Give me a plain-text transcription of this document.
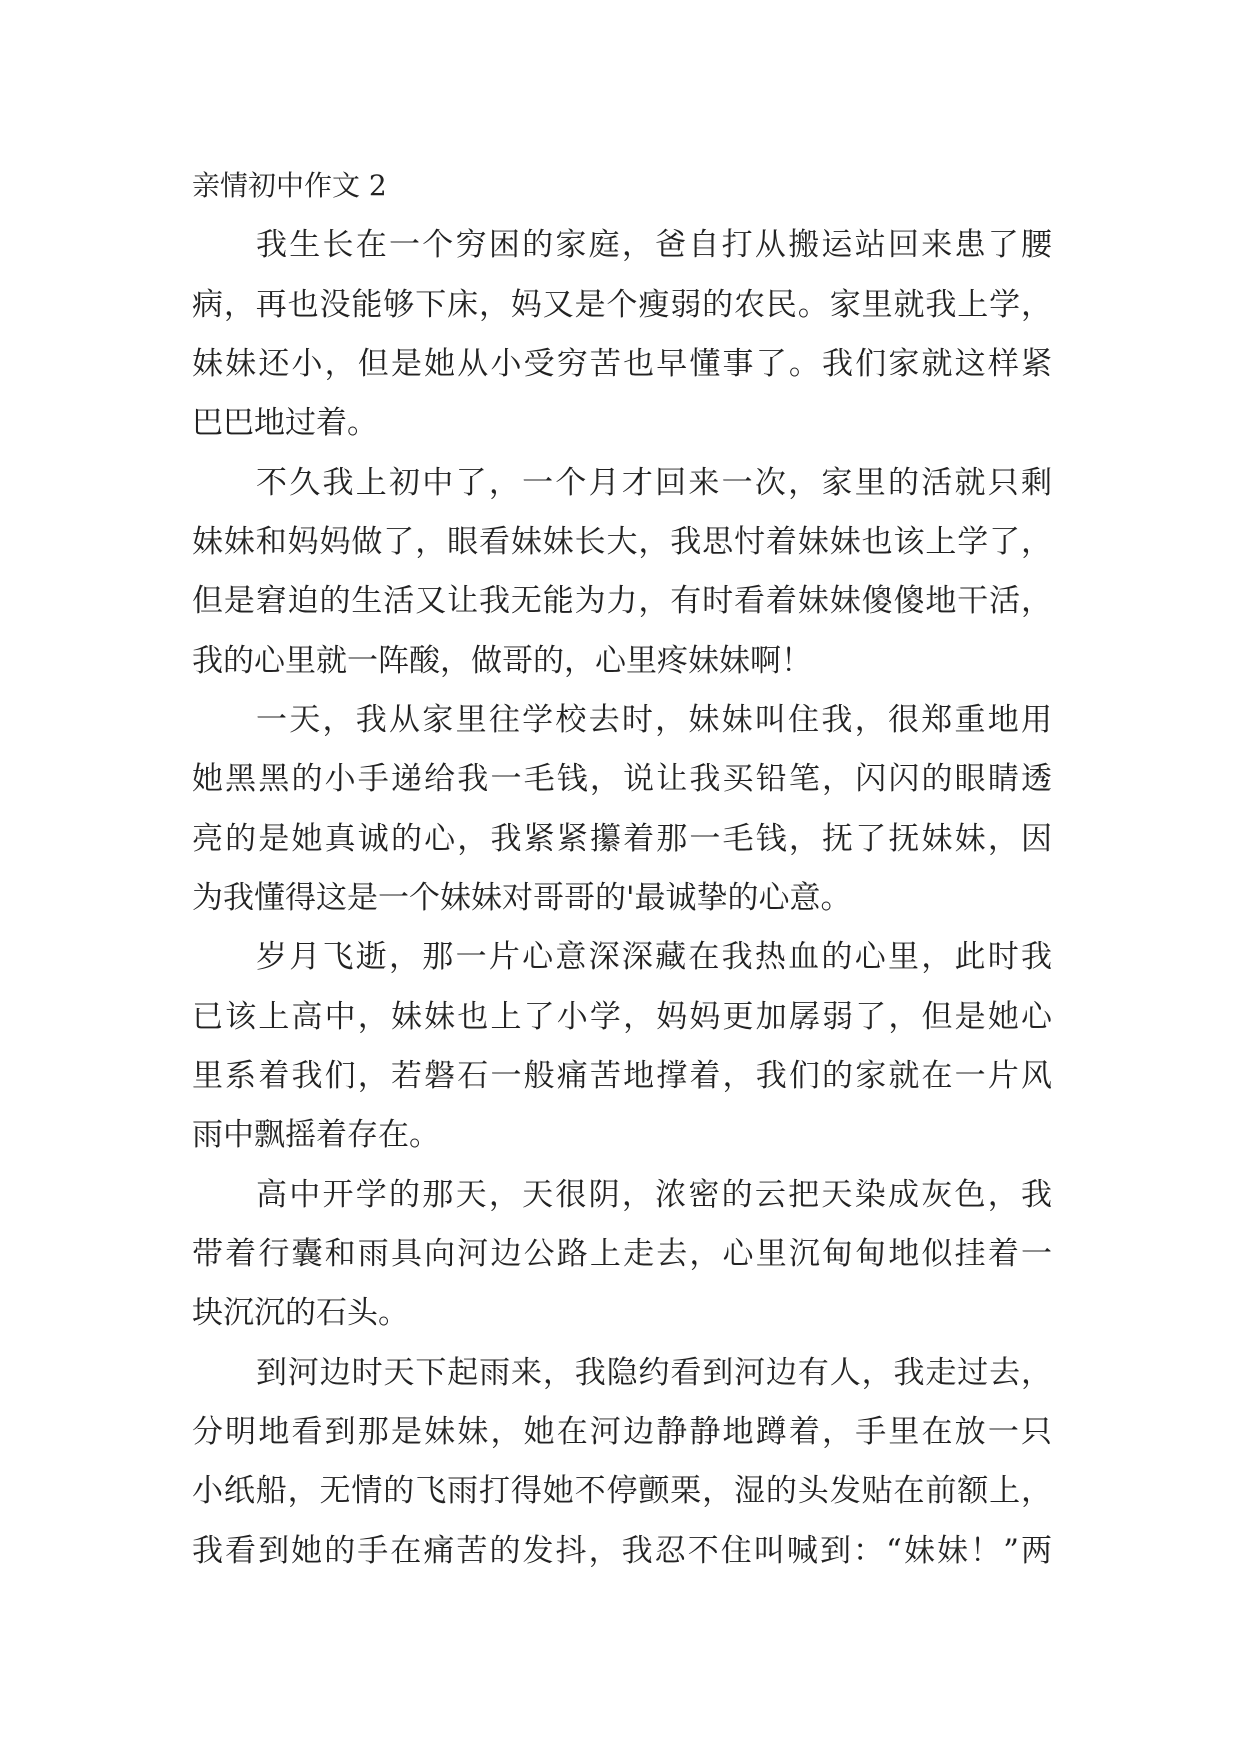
亲情初中作文 2
我生长在一个穷困的家庭，爸自打从搬运站回来患了腰
病，再也没能够下床，妈又是个瘦弱的农民。家里就我上学，
妹妹还小，但是她从小受穷苦也早懂事了。我们家就这样紧
巴巴地过着。
不久我上初中了，一个月才回来一次，家里的活就只剩
妹妹和妈妈做了，眼看妹妹长大，我思忖着妹妹也该上学了，
但是窘迫的生活又让我无能为力，有时看着妹妹傻傻地干活，
我的心里就一阵酸，做哥的，心里疼妹妹啊！
一天，我从家里往学校去时，妹妹叫住我，很郑重地用
她黑黑的小手递给我一毛钱，说让我买铅笔，闪闪的眼睛透
亮的是她真诚的心，我紧紧攥着那一毛钱，抚了抚妹妹，因
为我懂得这是一个妹妹对哥哥的'最诚挚的心意。
岁月飞逝，那一片心意深深藏在我热血的心里，此时我
已该上高中，妹妹也上了小学，妈妈更加孱弱了，但是她心
里系着我们，若磐石一般痛苦地撑着，我们的家就在一片风
雨中飘摇着存在。
高中开学的那天，天很阴，浓密的云把天染成灰色，我
带着行囊和雨具向河边公路上走去，心里沉甸甸地似挂着一
块沉沉的石头。
到河边时天下起雨来，我隐约看到河边有人，我走过去，
分明地看到那是妹妹，她在河边静静地蹲着，手里在放一只
小纸船，无情的飞雨打得她不停颤栗，湿的头发贴在前额上，
我看到她的手在痛苦的发抖，我忍不住叫喊到：“妹妹！”两
